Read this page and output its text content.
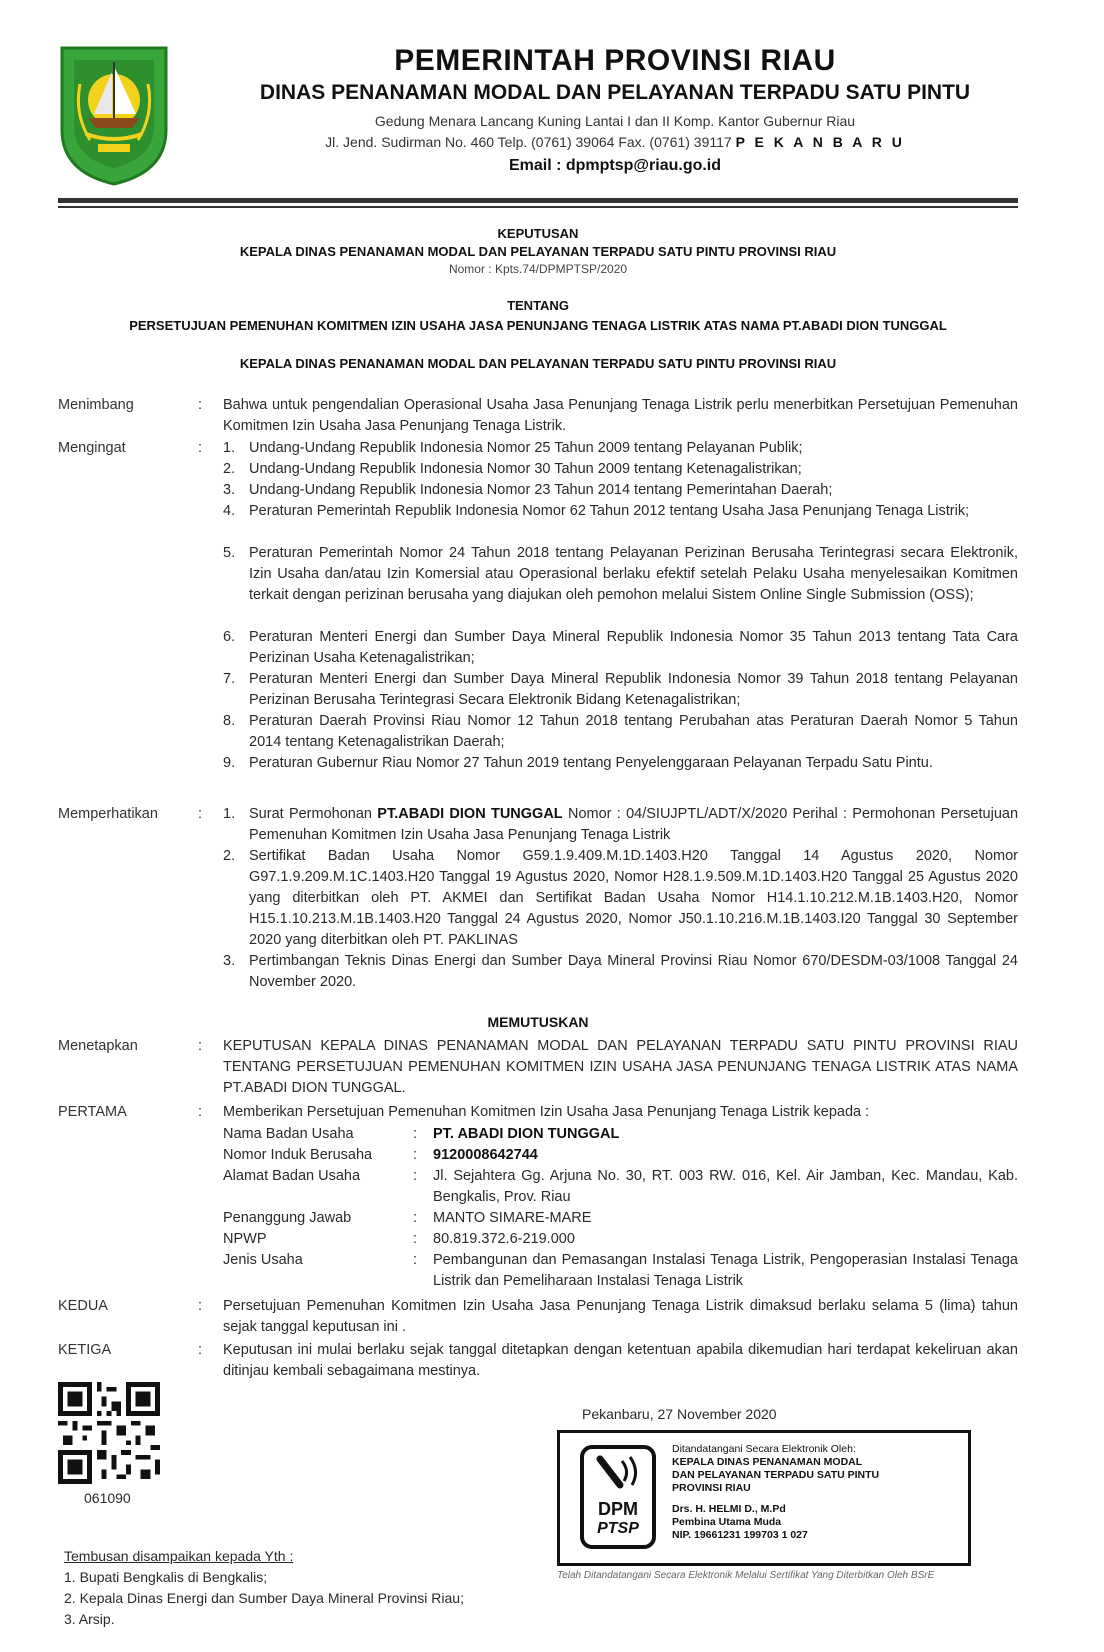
PEMERINTAH PROVINSI RIAU
DINAS PENANAMAN MODAL DAN PELAYANAN TERPADU SATU PINTU
Gedung Menara Lancang Kuning Lantai I dan II Komp. Kantor Gubernur Riau
Jl. Jend. Sudirman No. 460 Telp. (0761) 39064 Fax. (0761) 39117 P E K A N B A R U
Email : dpmptsp@riau.go.id
KEPUTUSAN
KEPALA DINAS PENANAMAN MODAL DAN PELAYANAN TERPADU SATU PINTU PROVINSI RIAU
Nomor : Kpts.74/DPMPTSP/2020
TENTANG
PERSETUJUAN PEMENUHAN KOMITMEN IZIN USAHA JASA PENUNJANG TENAGA LISTRIK ATAS NAMA PT.ABADI DION TUNGGAL
KEPALA DINAS PENANAMAN MODAL DAN PELAYANAN TERPADU SATU PINTU PROVINSI RIAU
Menimbang	: Bahwa untuk pengendalian Operasional Usaha Jasa Penunjang Tenaga Listrik perlu menerbitkan Persetujuan Pemenuhan Komitmen Izin Usaha Jasa Penunjang Tenaga Listrik.
Mengingat	: 1. Undang-Undang Republik Indonesia Nomor 25 Tahun 2009 tentang Pelayanan Publik;
2. Undang-Undang Republik Indonesia Nomor 30 Tahun 2009 tentang Ketenagalistrikan;
3. Undang-Undang Republik Indonesia Nomor 23 Tahun 2014 tentang Pemerintahan Daerah;
4. Peraturan Pemerintah Republik Indonesia Nomor 62 Tahun 2012 tentang Usaha Jasa Penunjang Tenaga Listrik;
5. Peraturan Pemerintah Nomor 24 Tahun 2018 tentang Pelayanan Perizinan Berusaha Terintegrasi secara Elektronik, Izin Usaha dan/atau Izin Komersial atau Operasional berlaku efektif setelah Pelaku Usaha menyelesaikan Komitmen terkait dengan perizinan berusaha yang diajukan oleh pemohon melalui Sistem Online Single Submission (OSS);
6. Peraturan Menteri Energi dan Sumber Daya Mineral Republik Indonesia Nomor 35 Tahun 2013 tentang Tata Cara Perizinan Usaha Ketenagalistrikan;
7. Peraturan Menteri Energi dan Sumber Daya Mineral Republik Indonesia Nomor 39 Tahun 2018 tentang Pelayanan Perizinan Berusaha Terintegrasi Secara Elektronik Bidang Ketenagalistrikan;
8. Peraturan Daerah Provinsi Riau Nomor 12 Tahun 2018 tentang Perubahan atas Peraturan Daerah Nomor 5 Tahun 2014 tentang Ketenagalistrikan Daerah;
9. Peraturan Gubernur Riau Nomor 27 Tahun 2019 tentang Penyelenggaraan Pelayanan Terpadu Satu Pintu.
Memperhatikan	: 1. Surat Permohonan PT.ABADI DION TUNGGAL Nomor : 04/SIUJPTL/ADT/X/2020 Perihal : Permohonan Persetujuan Pemenuhan Komitmen Izin Usaha Jasa Penunjang Tenaga Listrik
2. Sertifikat Badan Usaha Nomor G59.1.9.409.M.1D.1403.H20 Tanggal 14 Agustus 2020, Nomor G97.1.9.209.M.1C.1403.H20 Tanggal 19 Agustus 2020, Nomor H28.1.9.509.M.1D.1403.H20 Tanggal 25 Agustus 2020 yang diterbitkan oleh PT. AKMEI dan Sertifikat Badan Usaha Nomor H14.1.10.212.M.1B.1403.H20, Nomor H15.1.10.213.M.1B.1403.H20 Tanggal 24 Agustus 2020, Nomor J50.1.10.216.M.1B.1403.I20 Tanggal 30 September 2020 yang diterbitkan oleh PT. PAKLINAS
3. Pertimbangan Teknis Dinas Energi dan Sumber Daya Mineral Provinsi Riau Nomor 670/DESDM-03/1008 Tanggal 24 November 2020.
MEMUTUSKAN
Menetapkan	: KEPUTUSAN KEPALA DINAS PENANAMAN MODAL DAN PELAYANAN TERPADU SATU PINTU PROVINSI RIAU TENTANG PERSETUJUAN PEMENUHAN KOMITMEN IZIN USAHA JASA PENUNJANG TENAGA LISTRIK ATAS NAMA PT.ABADI DION TUNGGAL.
PERTAMA	: Memberikan Persetujuan Pemenuhan Komitmen Izin Usaha Jasa Penunjang Tenaga Listrik kepada :
Nama Badan Usaha	: PT. ABADI DION TUNGGAL
Nomor Induk Berusaha	: 9120008642744
Alamat Badan Usaha	: Jl. Sejahtera Gg. Arjuna No. 30, RT. 003 RW. 016, Kel. Air Jamban, Kec. Mandau, Kab. Bengkalis, Prov. Riau
Penanggung Jawab	: MANTO SIMARE-MARE
NPWP	: 80.819.372.6-219.000
Jenis Usaha	: Pembangunan dan Pemasangan Instalasi Tenaga Listrik, Pengoperasian Instalasi Tenaga Listrik dan Pemeliharaan Instalasi Tenaga Listrik
KEDUA	: Persetujuan Pemenuhan Komitmen Izin Usaha Jasa Penunjang Tenaga Listrik dimaksud berlaku selama 5 (lima) tahun sejak tanggal keputusan ini .
KETIGA	: Keputusan ini mulai berlaku sejak tanggal ditetapkan dengan ketentuan apabila dikemudian hari terdapat kekeliruan akan ditinjau kembali sebagaimana mestinya.
061090
Pekanbaru, 27 November 2020
DPM
PTSP
Ditandatangani Secara Elektronik Oleh:
KEPALA DINAS PENANAMAN MODAL
DAN PELAYANAN TERPADU SATU PINTU
PROVINSI RIAU
Drs. H. HELMI D., M.Pd
Pembina Utama Muda
NIP. 19661231 199703 1 027
Telah Ditandatangani Secara Elektronik Melalui Sertifikat Yang Diterbitkan Oleh BSrE
Tembusan disampaikan kepada Yth :
1. Bupati Bengkalis di Bengkalis;
2. Kepala Dinas Energi dan Sumber Daya Mineral Provinsi Riau;
3. Arsip.
